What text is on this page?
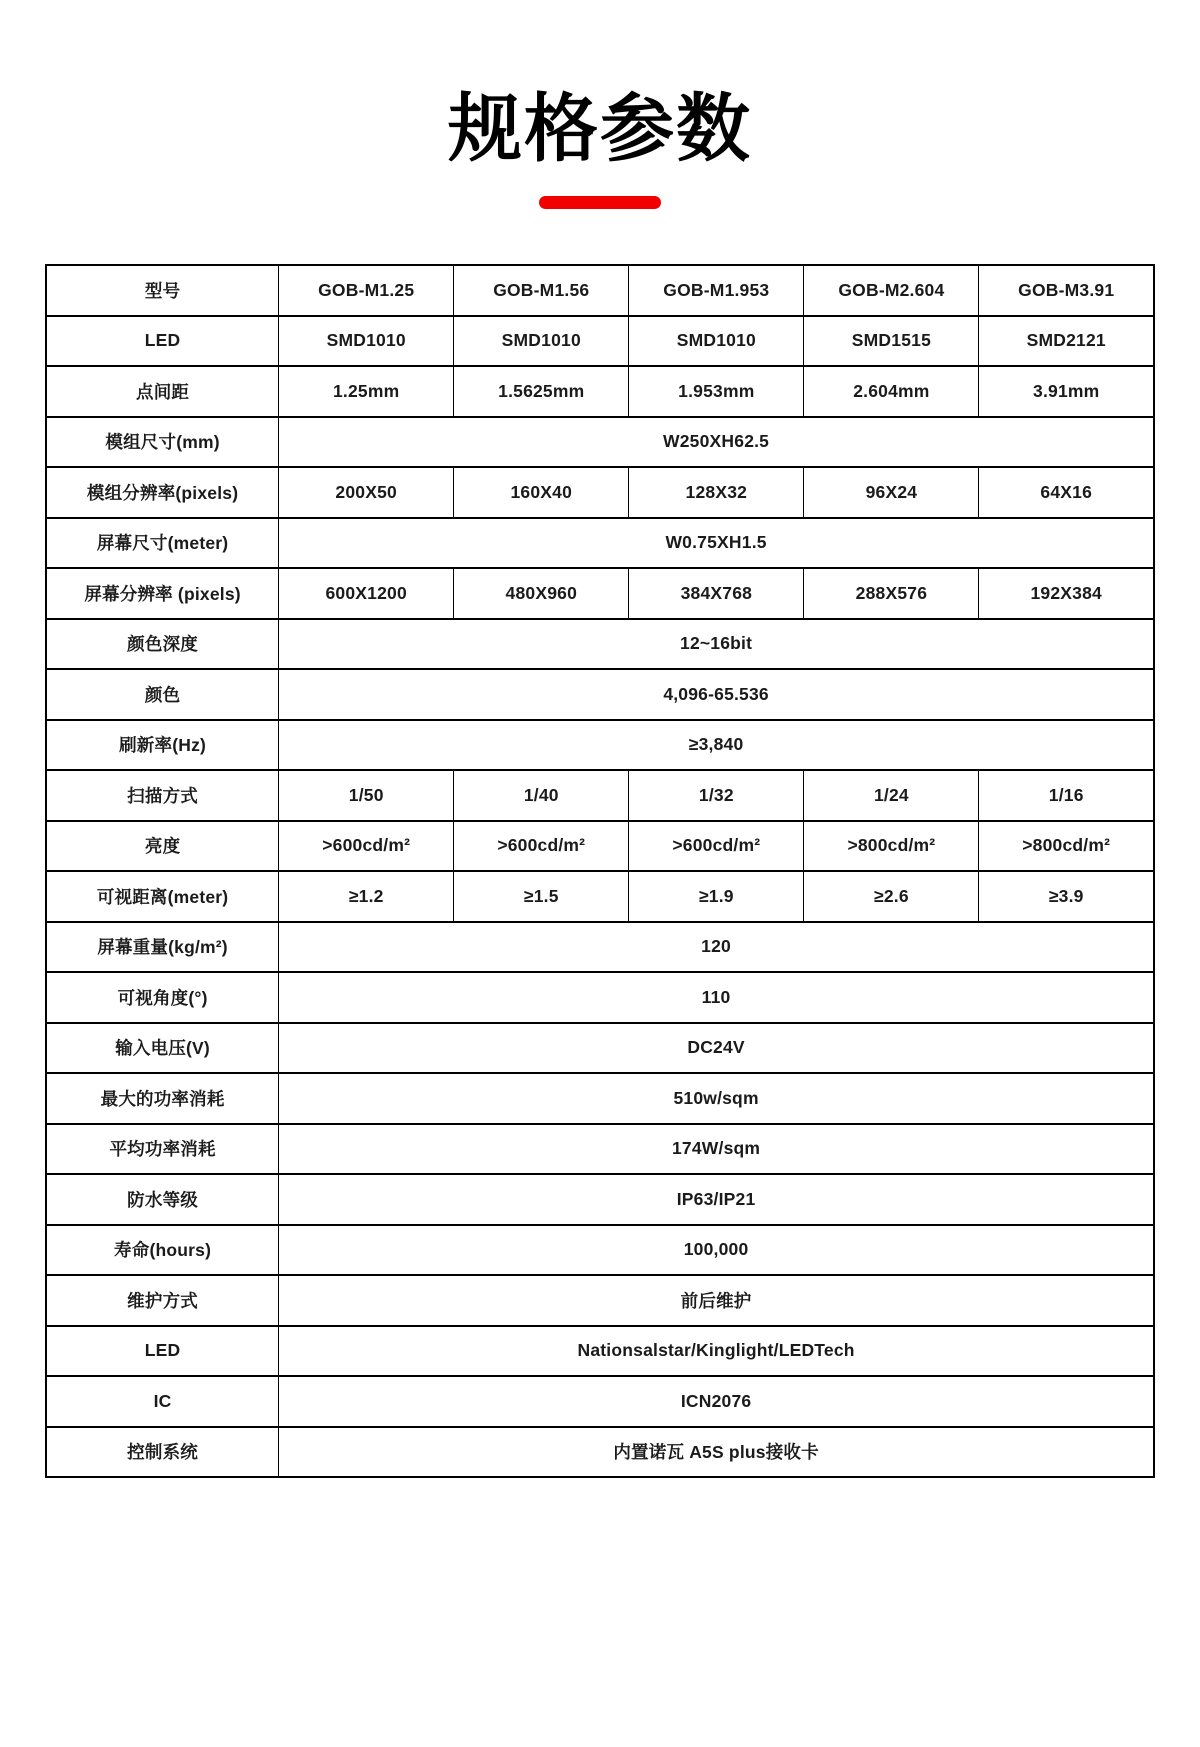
规格参数
型号	GOB-M1.25	GOB-M1.56	GOB-M1.953	GOB-M2.604	GOB-M3.91
LED	SMD1010	SMD1010	SMD1010	SMD1515	SMD2121
点间距	1.25mm	1.5625mm	1.953mm	2.604mm	3.91mm
模组尺寸(mm)	W250XH62.5				
模组分辨率(pixels)	200X50	160X40	128X32	96X24	64X16
屏幕尺寸(meter)	W0.75XH1.5				
屏幕分辨率 (pixels)	600X1200	480X960	384X768	288X576	192X384
颜色深度	12~16bit				
颜色	4,096-65.536				
刷新率(Hz)	≥3,840				
扫描方式	1/50	1/40	1/32	1/24	1/16
亮度	>600cd/m²	>600cd/m²	>600cd/m²	>800cd/m²	>800cd/m²
可视距离(meter)	≥1.2	≥1.5	≥1.9	≥2.6	≥3.9
屏幕重量(kg/m²)	120				
可视角度(°)	110				
输入电压(V)	DC24V				
最大的功率消耗	510w/sqm				
平均功率消耗	174W/sqm				
防水等级	IP63/IP21				
寿命(hours)	100,000				
维护方式	前后维护				
LED	Nationsalstar/Kinglight/LEDTech				
IC	ICN2076				
控制系统	内置诺瓦 A5S plus接收卡				
